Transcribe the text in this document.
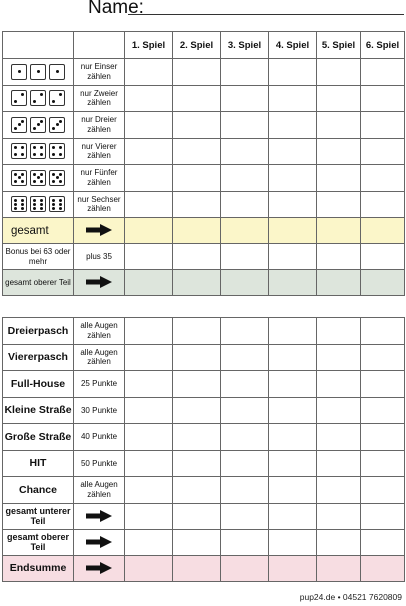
Name:
		1. Spiel	2. Spiel	3. Spiel	4. Spiel	5. Spiel	6. Spiel

	nur Einser zählen						

	nur Zweier zählen						

	nur Dreier zählen						

	nur Vierer zählen						

	nur Fünfer zählen						

	nur Sechser zählen						
gesamt							
Bonus bei 63 oder mehr	plus 35						
gesamt oberer Teil							
Dreierpasch	alle Augen zählen						
Viererpasch	alle Augen zählen						
Full-House	25 Punkte						
Kleine Straße	30 Punkte						
Große Straße	40 Punkte						
HIT	50 Punkte						
Chance	alle Augen zählen						
gesamt unterer Teil							
gesamt oberer Teil							
Endsumme							
pup24.de • 04521 7620809
